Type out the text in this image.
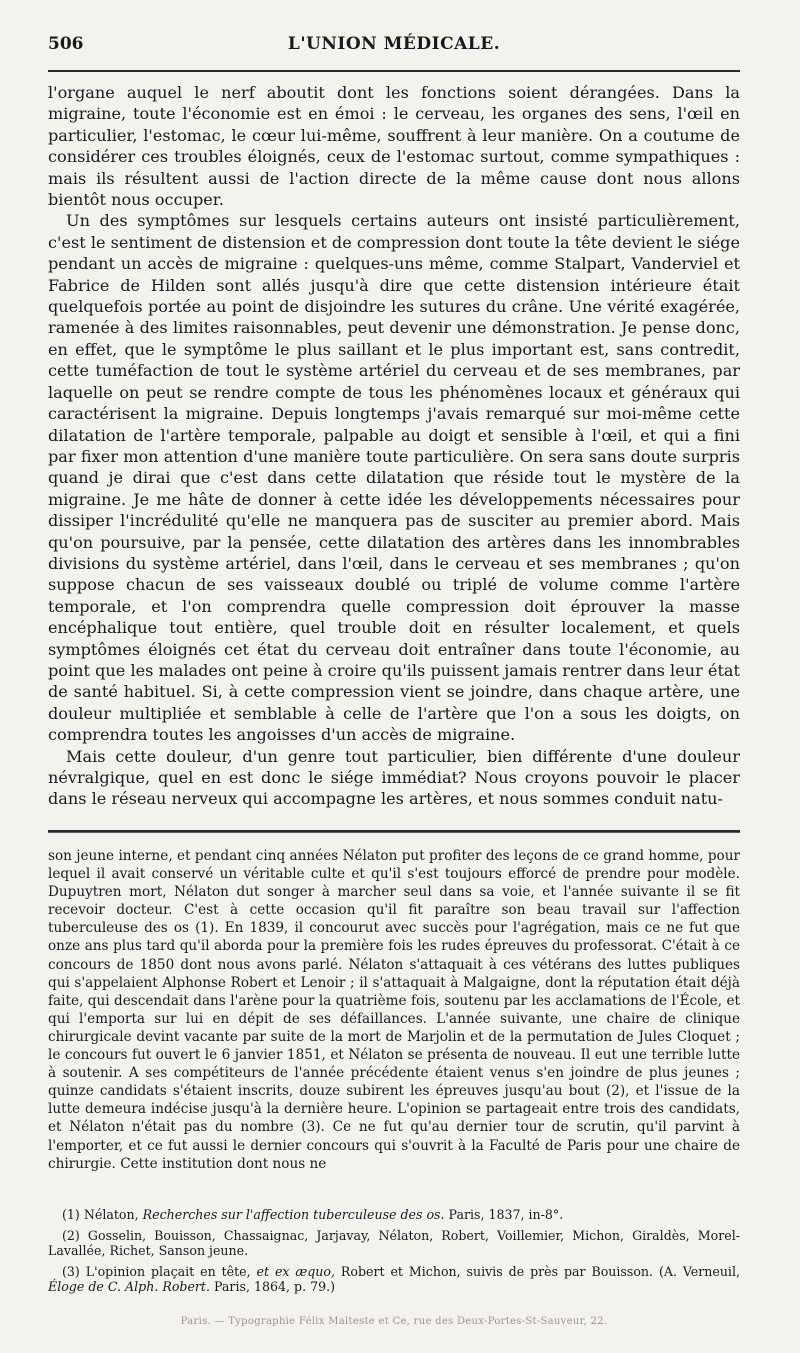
L'UNION MÉDICALE.
506

l'organe auquel le nerf aboutit dont les fonctions soient dérangées. Dans la migraine, toute l'économie est en émoi : le cerveau, les organes des sens, l'œil en particulier, l'estomac, le cœur lui-même, souffrent à leur manière. On a coutume de considérer ces troubles éloignés, ceux de l'estomac surtout, comme sympathiques : mais ils résultent aussi de l'action directe de la même cause dont nous allons bientôt nous occuper.

Un des symptômes sur lesquels certains auteurs ont insisté particulièrement, c'est le sentiment de distension et de compression dont toute la tête devient le siége pendant un accès de migraine : quelques-uns même, comme Stalpart, Vanderviel et Fabrice de Hilden sont allés jusqu'à dire que cette distension intérieure était quelquefois portée au point de disjoindre les sutures du crâne. Une vérité exagérée, ramenée à des limites raisonnables, peut devenir une démonstration. Je pense donc, en effet, que le symptôme le plus saillant et le plus important est, sans contredit, cette tuméfaction de tout le système artériel du cerveau et de ses membranes, par laquelle on peut se rendre compte de tous les phénomènes locaux et généraux qui caractérisent la migraine. Depuis longtemps j'avais remarqué sur moi-même cette dilatation de l'artère temporale, palpable au doigt et sensible à l'œil, et qui a fini par fixer mon attention d'une manière toute particulière. On sera sans doute surpris quand je dirai que c'est dans cette dilatation que réside tout le mystère de la migraine. Je me hâte de donner à cette idée les développements nécessaires pour dissiper l'incrédulité qu'elle ne manquera pas de susciter au premier abord. Mais qu'on poursuive, par la pensée, cette dilatation des artères dans les innombrables divisions du système artériel, dans l'œil, dans le cerveau et ses membranes ; qu'on suppose chacun de ses vaisseaux doublé ou triplé de volume comme l'artère temporale, et l'on comprendra quelle compression doit éprouver la masse encéphalique tout entière, quel trouble doit en résulter localement, et quels symptômes éloignés cet état du cerveau doit entraîner dans toute l'économie, au point que les malades ont peine à croire qu'ils puissent jamais rentrer dans leur état de santé habituel. Si, à cette compression vient se joindre, dans chaque artère, une douleur multipliée et semblable à celle de l'artère que l'on a sous les doigts, on comprendra toutes les angoisses d'un accès de migraine.

Mais cette douleur, d'un genre tout particulier, bien différente d'une douleur névralgique, quel en est donc le siége immédiat? Nous croyons pouvoir le placer dans le réseau nerveux qui accompagne les artères, et nous sommes conduit natu-

son jeune interne, et pendant cinq années Nélaton put profiter des leçons de ce grand homme, pour lequel il avait conservé un véritable culte et qu'il s'est toujours efforcé de prendre pour modèle. Dupuytren mort, Nélaton dut songer à marcher seul dans sa voie, et l'année suivante il se fit recevoir docteur. C'est à cette occasion qu'il fit paraître son beau travail sur l'affection tuberculeuse des os (1). En 1839, il concourut avec succès pour l'agrégation, mais ce ne fut que onze ans plus tard qu'il aborda pour la première fois les rudes épreuves du professorat. C'était à ce concours de 1850 dont nous avons parlé. Nélaton s'attaquait à ces vétérans des luttes publiques qui s'appelaient Alphonse Robert et Lenoir ; il s'attaquait à Malgaigne, dont la réputation était déjà faite, qui descendait dans l'arène pour la quatrième fois, soutenu par les acclamations de l'École, et qui l'emporta sur lui en dépit de ses défaillances. L'année suivante, une chaire de clinique chirurgicale devint vacante par suite de la mort de Marjolin et de la permutation de Jules Cloquet ; le concours fut ouvert le 6 janvier 1851, et Nélaton se présenta de nouveau. Il eut une terrible lutte à soutenir. A ses compétiteurs de l'année précédente étaient venus s'en joindre de plus jeunes ; quinze candidats s'étaient inscrits, douze subirent les épreuves jusqu'au bout (2), et l'issue de la lutte demeura indécise jusqu'à la dernière heure. L'opinion se partageait entre trois des candidats, et Nélaton n'était pas du nombre (3). Ce ne fut qu'au dernier tour de scrutin, qu'il parvint à l'emporter, et ce fut aussi le dernier concours qui s'ouvrit à la Faculté de Paris pour une chaire de chirurgie. Cette institution dont nous ne

(1) Nélaton, Recherches sur l'affection tuberculeuse des os. Paris, 1837, in-8°.

(2) Gosselin, Bouisson, Chassaignac, Jarjavay, Nélaton, Robert, Voillemier, Michon, Giraldès, Morel-Lavallée, Richet, Sanson jeune.

(3) L'opinion plaçait en tête, et ex æquo, Robert et Michon, suivis de près par Bouisson. (A. Verneuil, Éloge de C. Alph. Robert. Paris, 1864, p. 79.)

Paris. — Typographie Félix Malteste et Ce, rue des Deux-Portes-St-Sauveur, 22.
